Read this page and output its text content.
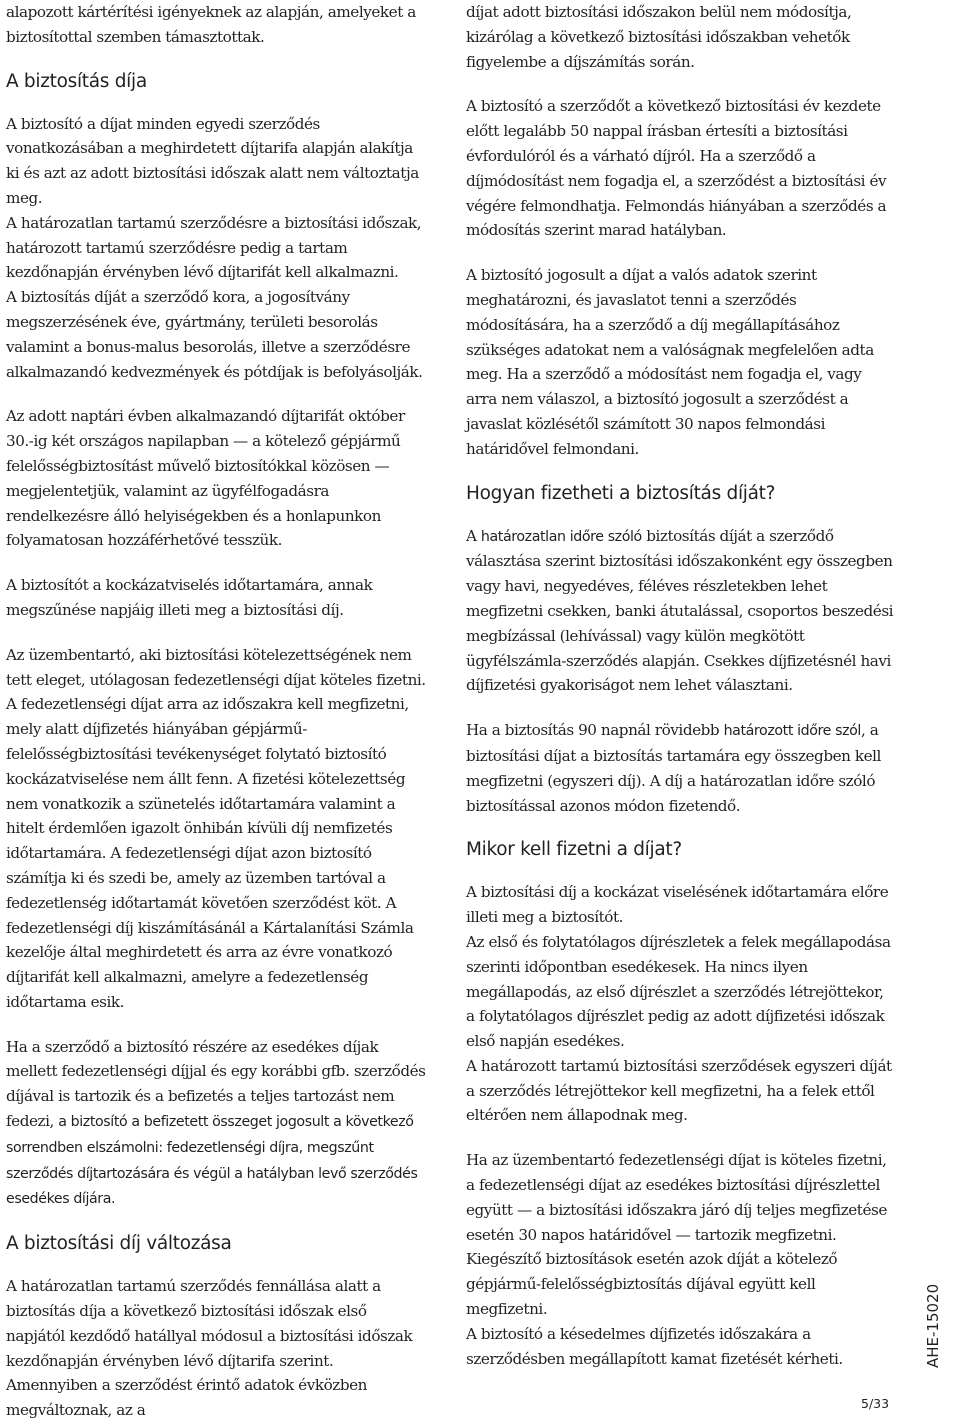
alapozott kártérítési igényeknek az alapján, amelyeket a biztosítottal szemben támasztottak.

A biztosítás díja

A biztosító a díjat minden egyedi szerződés vonatkozásában a meghirdetett díjtarifa alapján alakítja ki és azt az adott biztosítási időszak alatt nem változtatja meg.

A határozatlan tartamú szerződésre a biztosítási időszak, határozott tartamú szerződésre pedig a tartam kezdőnapján érvényben lévő díjtarifát kell alkalmazni.

A biztosítás díját a szerződő kora, a jogosítvány megszerzésének éve, gyártmány, területi besorolás valamint a bonus-malus besorolás, illetve a szerződésre alkalmazandó kedvezmények és pótdíjak is befolyásolják.

Az adott naptári évben alkalmazandó díjtarifát október 30.-ig két országos napilapban — a kötelező gépjármű felelősségbiztosítást művelő biztosítókkal közösen — megjelentetjük, valamint az ügyfélfogadásra rendelkezésre álló helyiségekben és a honlapunkon folyamatosan hozzáférhetővé tesszük.

A biztosítót a kockázatviselés időtartamára, annak megszűnése napjáig illeti meg a biztosítási díj.

Az üzembentartó, aki biztosítási kötelezettségének nem tett eleget, utólagosan fedezetlenségi díjat köteles fizetni. A fedezetlenségi díjat arra az időszakra kell megfizetni, mely alatt díjfizetés hiányában gépjármű-felelősségbiztosítási tevékenységet folytató biztosító kockázatviselése nem állt fenn. A fizetési kötelezettség nem vonatkozik a szünetelés időtartamára valamint a hitelt érdemlően igazolt önhibán kívüli díj nemfizetés időtartamára. A fedezetlenségi díjat azon biztosító számítja ki és szedi be, amely az üzemben tartóval a fedezetlenség időtartamát követően szerződést köt. A fedezetlenségi díj kiszámításánál a Kártalanítási Számla kezelője által meghirdetett és arra az évre vonatkozó díjtarifát kell alkalmazni, amelyre a fedezetlenség időtartama esik.

Ha a szerződő a biztosító részére az esedékes díjak mellett fedezetlenségi díjjal és egy korábbi gfb. szerződés díjával is tartozik és a befizetés a teljes tartozást nem fedezi, a biztosító a befizetett összeget jogosult a következő sorrendben elszámolni: fedezetlenségi díjra, megszűnt szerződés díjtartozására és végül a hatályban levő szerződés esedékes díjára.

A biztosítási díj változása

A határozatlan tartamú szerződés fennállása alatt a biztosítás díja a következő biztosítási időszak első napjától kezdődő hatállyal módosul a biztosítási időszak kezdőnapján érvényben lévő díjtarifa szerint. Amennyiben a szerződést érintő adatok évközben megváltoznak, az a

díjat adott biztosítási időszakon belül nem módosítja, kizárólag a következő biztosítási időszakban vehetők figyelembe a díjszámítás során.

A biztosító a szerződőt a következő biztosítási év kezdete előtt legalább 50 nappal írásban értesíti a biztosítási évfordulóról és a várható díjról. Ha a szerződő a díjmódosítást nem fogadja el, a szerződést a biztosítási év végére felmondhatja. Felmondás hiányában a szerződés a módosítás szerint marad hatályban.

A biztosító jogosult a díjat a valós adatok szerint meghatározni, és javaslatot tenni a szerződés módosítására, ha a szerződő a díj megállapításához szükséges adatokat nem a valóságnak megfelelően adta meg. Ha a szerződő a módosítást nem fogadja el, vagy arra nem válaszol, a biztosító jogosult a szerződést a javaslat közlésétől számított 30 napos felmondási határidővel felmondani.

Hogyan fizetheti a biztosítás díját?

A határozatlan időre szóló biztosítás díját a szerződő választása szerint biztosítási időszakonként egy összegben vagy havi, negyedéves, féléves részletekben lehet megfizetni csekken, banki átutalással, csoportos beszedési megbízással (lehívással) vagy külön megkötött ügyfélszámla-szerződés alapján. Csekkes díjfizetésnél havi díjfizetési gyakoriságot nem lehet választani.

Ha a biztosítás 90 napnál rövidebb határozott időre szól, a biztosítási díjat a biztosítás tartamára egy összegben kell megfizetni (egyszeri díj). A díj a határozatlan időre szóló biztosítással azonos módon fizetendő.

Mikor kell fizetni a díjat?

A biztosítási díj a kockázat viselésének időtartamára előre illeti meg a biztosítót.

Az első és folytatólagos díjrészletek a felek megállapodása szerinti időpontban esedékesek. Ha nincs ilyen megállapodás, az első díjrészlet a szerződés létrejöttekor, a folytatólagos díjrészlet pedig az adott díjfizetési időszak első napján esedékes.

A határozott tartamú biztosítási szerződések egyszeri díját a szerződés létrejöttekor kell megfizetni, ha a felek ettől eltérően nem állapodnak meg.

Ha az üzembentartó fedezetlenségi díjat is köteles fizetni, a fedezetlenségi díjat az esedékes biztosítási díjrészlettel együtt — a biztosítási időszakra járó díj teljes megfizetése esetén 30 napos határidővel — tartozik megfizetni.

Kiegészítő biztosítások esetén azok díját a kötelező gépjármű-felelősségbiztosítás díjával együtt kell megfizetni.

A biztosító a késedelmes díjfizetés időszakára a szerződésben megállapított kamat fizetését kérheti.	AHE-15020
5/33
